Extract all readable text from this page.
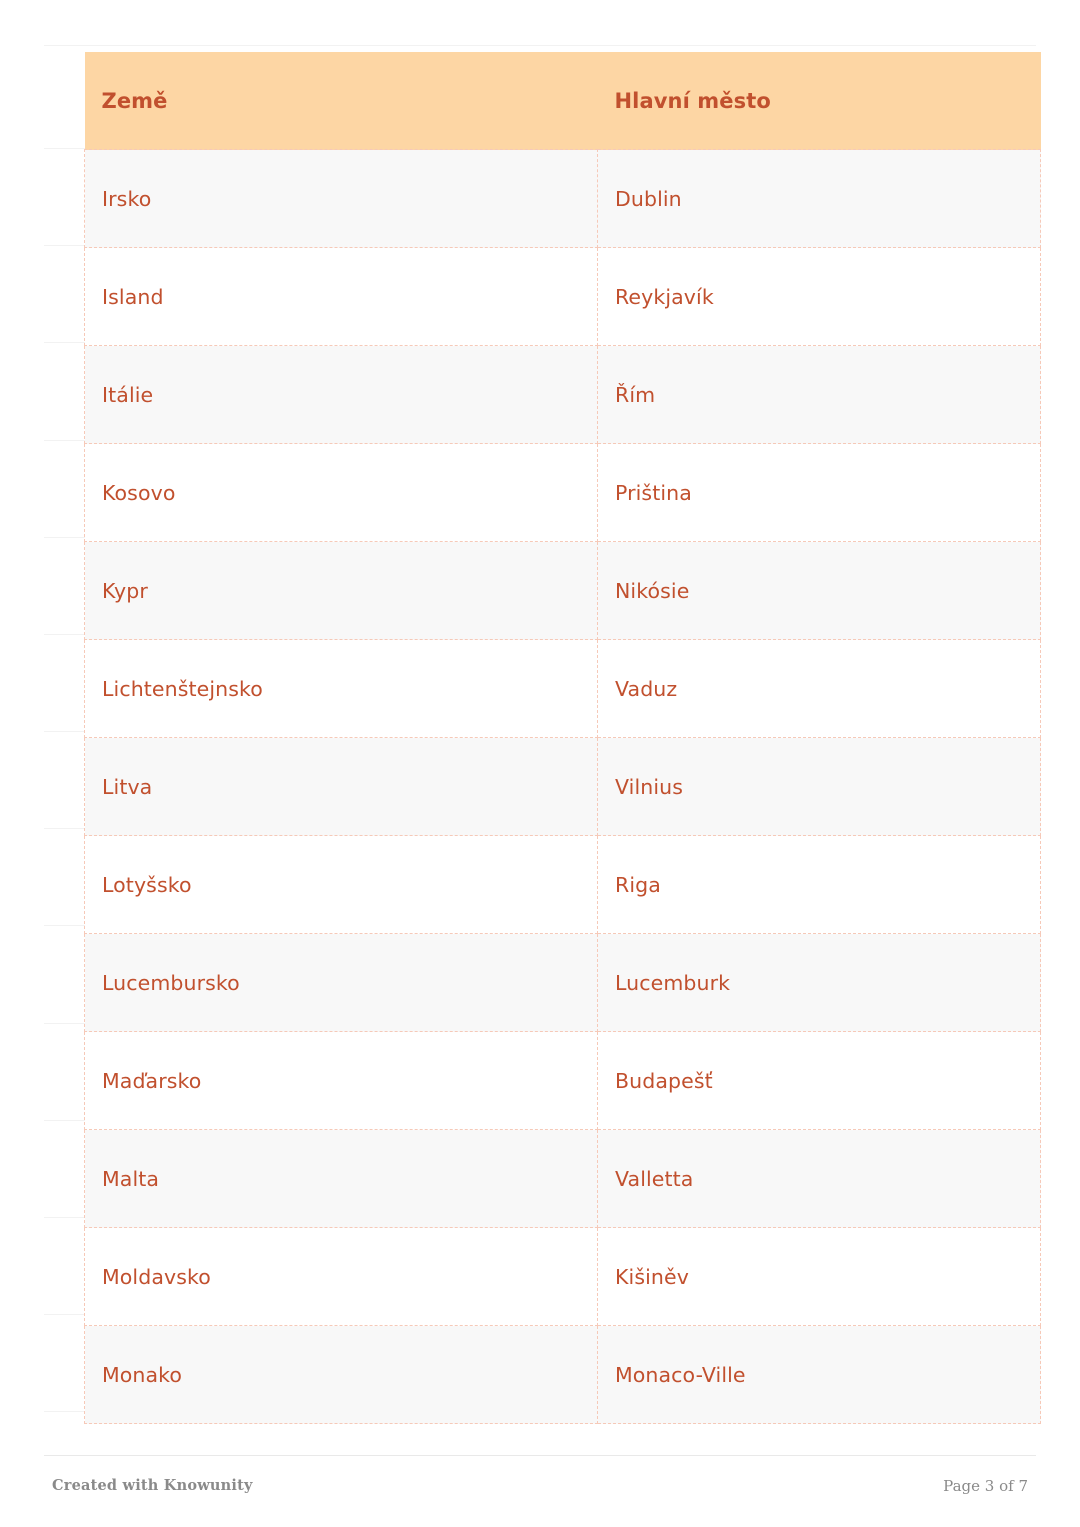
Země	Hlavní město
Irsko	Dublin
Island	Reykjavík
Itálie	Řím
Kosovo	Priština
Kypr	Nikósie
Lichtenštejnsko	Vaduz
Litva	Vilnius
Lotyšsko	Riga
Lucembursko	Lucemburk
Maďarsko	Budapešť
Malta	Valletta
Moldavsko	Kišiněv
Monako	Monaco-Ville
Created with Knowunity	Page 3 of 7
